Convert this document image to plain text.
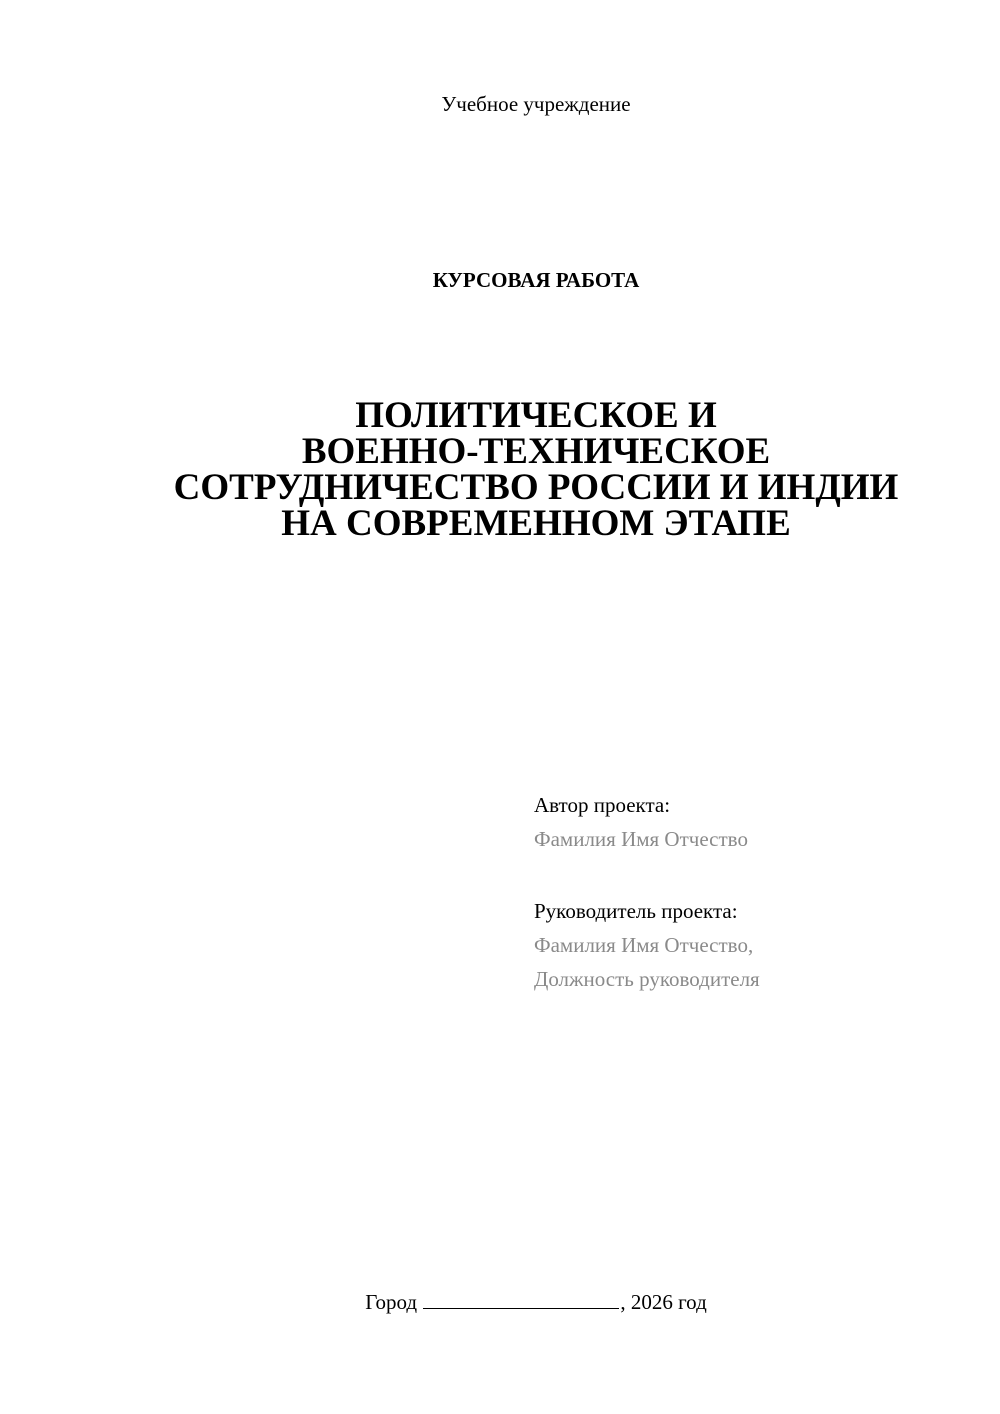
Учебное учреждение
КУРСОВАЯ РАБОТА
ПОЛИТИЧЕСКОЕ И
ВОЕННО-ТЕХНИЧЕСКОЕ
СОТРУДНИЧЕСТВО РОССИИ И ИНДИИ
НА СОВРЕМЕННОМ ЭТАПЕ
Автор проекта:
Фамилия Имя Отчество
Руководитель проекта:
Фамилия Имя Отчество,
Должность руководителя
Город	, 2026 год
